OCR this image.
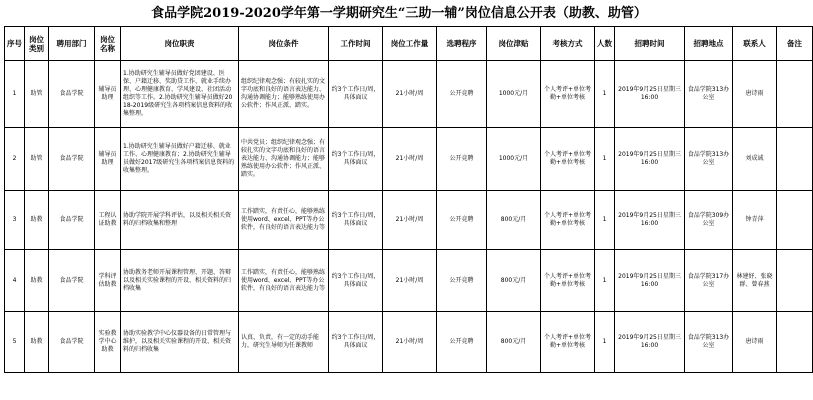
食品学院2019-2020学年第一学期研究生“三助一辅”岗位信息公开表（助教、助管）
序号	岗位类别	聘用部门	岗位名称	岗位职责	岗位条件	工作时间	岗位工作量	选聘程序	岗位津贴	考核方式	人数	招聘时间	招聘地点	联系人	备注
1	助管	食品学院	辅导员助理	1.协助研究生辅导员做好党团建设、医保、户籍迁移、奖助贷工作、就业手续办理、心理健康教育、学风建设、社团活动组织等工作。2.协助研究生辅导员做好2018-2019级研究生各项档案信息资料的收集整理。	组织纪律观念强；有较扎实的文字功底和良好的语言表达能力、沟通协调能力；能够熟练使用办公软件；作风正派、踏实。	约3个工作日/周，具体面议	21小时/周	公开竞聘	1000元/月	个人考评+单位考勤+单位考核	1	2019年9月25日星期三16:00	食品学院313办公室	唐诗雨	
2	助管	食品学院	辅导员助理	1.协助研究生辅导员做好户籍迁移、就业工作、心理健康教育；2.协助研究生辅导员做好2017级研究生各项档案信息资料的收集整理。	中共党员；组织纪律观念强；有较扎实的文字功底和良好的语言表达能力、沟通协调能力；能够熟练使用办公软件；作风正派、踏实。	约3个工作日/周，具体面议	21小时/周	公开竞聘	1000元/月	个人考评+单位考勤+单位考核	1	2019年9月25日星期三16:00	食品学院313办公室	刘成诚	
3	助教	食品学院	工程认证助教	协助学院开展学科评估，以及相关相关资料的归档收集和整理	工作踏实，有责任心，能够熟练使用word、excel、PPT等办公软件，有良好的语言表达能力等	约3个工作日/周，具体面议	21小时/周	公开竞聘	800元/月	个人考评+单位考勤+单位考核	1	2019年9月25日星期三16:00	食品学院309办公室	钟青萍	
4	助教	食品学院	学科评估助教	协助教务老师开展课程管理、开题、答辩以及相关实验课程的开设、相关资料的归档收集	工作踏实，有责任心，能够熟练使用word、excel、PPT等办公软件，有良好的语言表达能力等	约3个工作日/周，具体面议	21小时/周	公开竞聘	800元/月	个人考评+单位考勤+单位考核	1	2019年9月25日星期三16:00	食品学院317办公室	林建妤、张晓群、曾春燕	
5	助教	食品学院	实验教学中心助教	协助实验教学中心仪器设备的日常管理与维护，以及相关实验课程的开设、相关资料的归档收集	认真、负责，有一定的动手能力，研究生导师为任课教师	约3个工作日/周，具体面议	21小时/周	公开竞聘	800元/月	个人考评+单位考勤+单位考核	1	2019年9月25日星期三16:00	食品学院313办公室	唐诗雨	
